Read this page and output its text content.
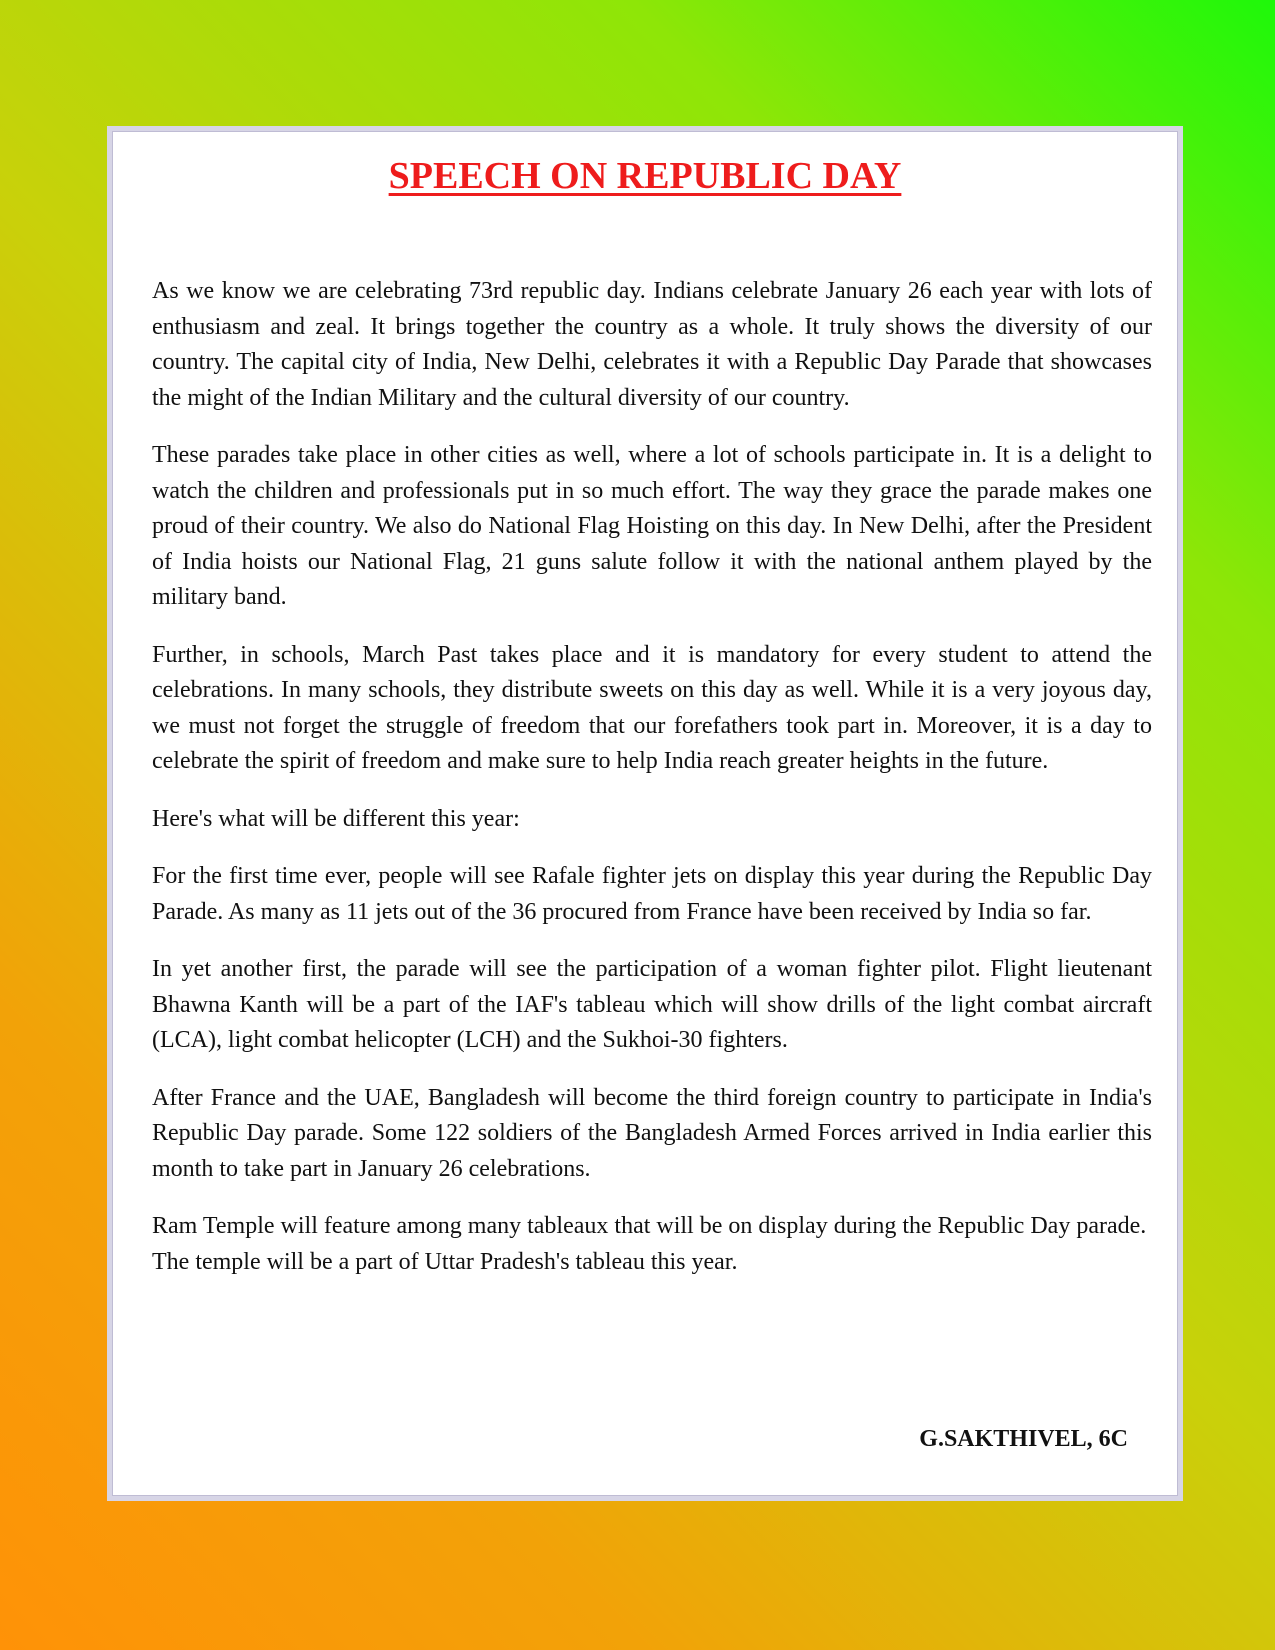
SPEECH ON REPUBLIC DAY

As we know we are celebrating 73rd republic day. Indians celebrate January 26 each year with lots of enthusiasm and zeal. It brings together the country as a whole. It truly shows the diversity of our country. The capital city of India, New Delhi, celebrates it with a Republic Day Parade that showcases the might of the Indian Military and the cultural diversity of our country.

These parades take place in other cities as well, where a lot of schools participate in. It is a delight to watch the children and professionals put in so much effort. The way they grace the parade makes one proud of their country. We also do National Flag Hoisting on this day. In New Delhi, after the President of India hoists our National Flag, 21 guns salute follow it with the national anthem played by the military band.

Further, in schools, March Past takes place and it is mandatory for every student to attend the celebrations. In many schools, they distribute sweets on this day as well. While it is a very joyous day, we must not forget the struggle of freedom that our forefathers took part in. Moreover, it is a day to celebrate the spirit of freedom and make sure to help India reach greater heights in the future.

Here's what will be different this year:

For the first time ever, people will see Rafale fighter jets on display this year during the Republic Day Parade. As many as 11 jets out of the 36 procured from France have been received by India so far.

In yet another first, the parade will see the participation of a woman fighter pilot. Flight lieutenant Bhawna Kanth will be a part of the IAF's tableau which will show drills of the light combat aircraft (LCA), light combat helicopter (LCH) and the Sukhoi-30 fighters.

After France and the UAE, Bangladesh will become the third foreign country to participate in India's Republic Day parade. Some 122 soldiers of the Bangladesh Armed Forces arrived in India earlier this month to take part in January 26 celebrations.

Ram Temple will feature among many tableaux that will be on display during the Republic Day parade. The temple will be a part of Uttar Pradesh's tableau this year.

G.SAKTHIVEL, 6C
